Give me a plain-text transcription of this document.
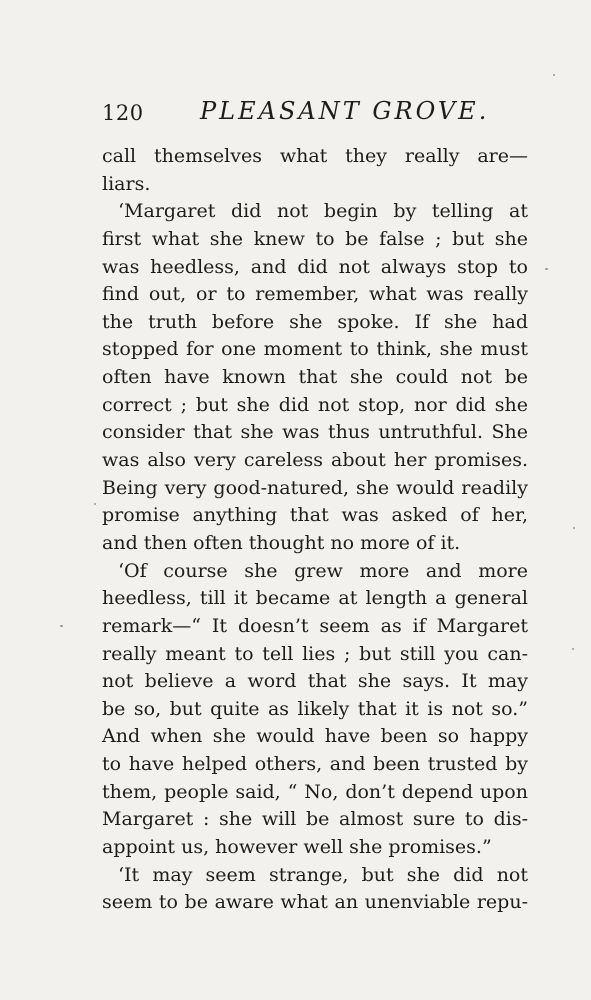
120 PLEASANT GROVE.
call themselves what they really are—
liars.
‘Margaret did not begin by telling at
first what she knew to be false ; but she
was heedless, and did not always stop to
find out, or to remember, what was really
the truth before she spoke. If she had
stopped for one moment to think, she must
often have known that she could not be
correct ; but she did not stop, nor did she
consider that she was thus untruthful. She
was also very careless about her promises.
Being very good-natured, she would readily
promise anything that was asked of her,
and then often thought no more of it.
‘Of course she grew more and more
heedless, till it became at length a general
remark—“ It doesn’t seem as if Margaret
really meant to tell lies ; but still you can-
not believe a word that she says. It may
be so, but quite as likely that it is not so.”
And when she would have been so happy
to have helped others, and been trusted by
them, people said, “ No, don’t depend upon
Margaret : she will be almost sure to dis-
appoint us, however well she promises.”
‘It may seem strange, but she did not
seem to be aware what an unenviable repu-
